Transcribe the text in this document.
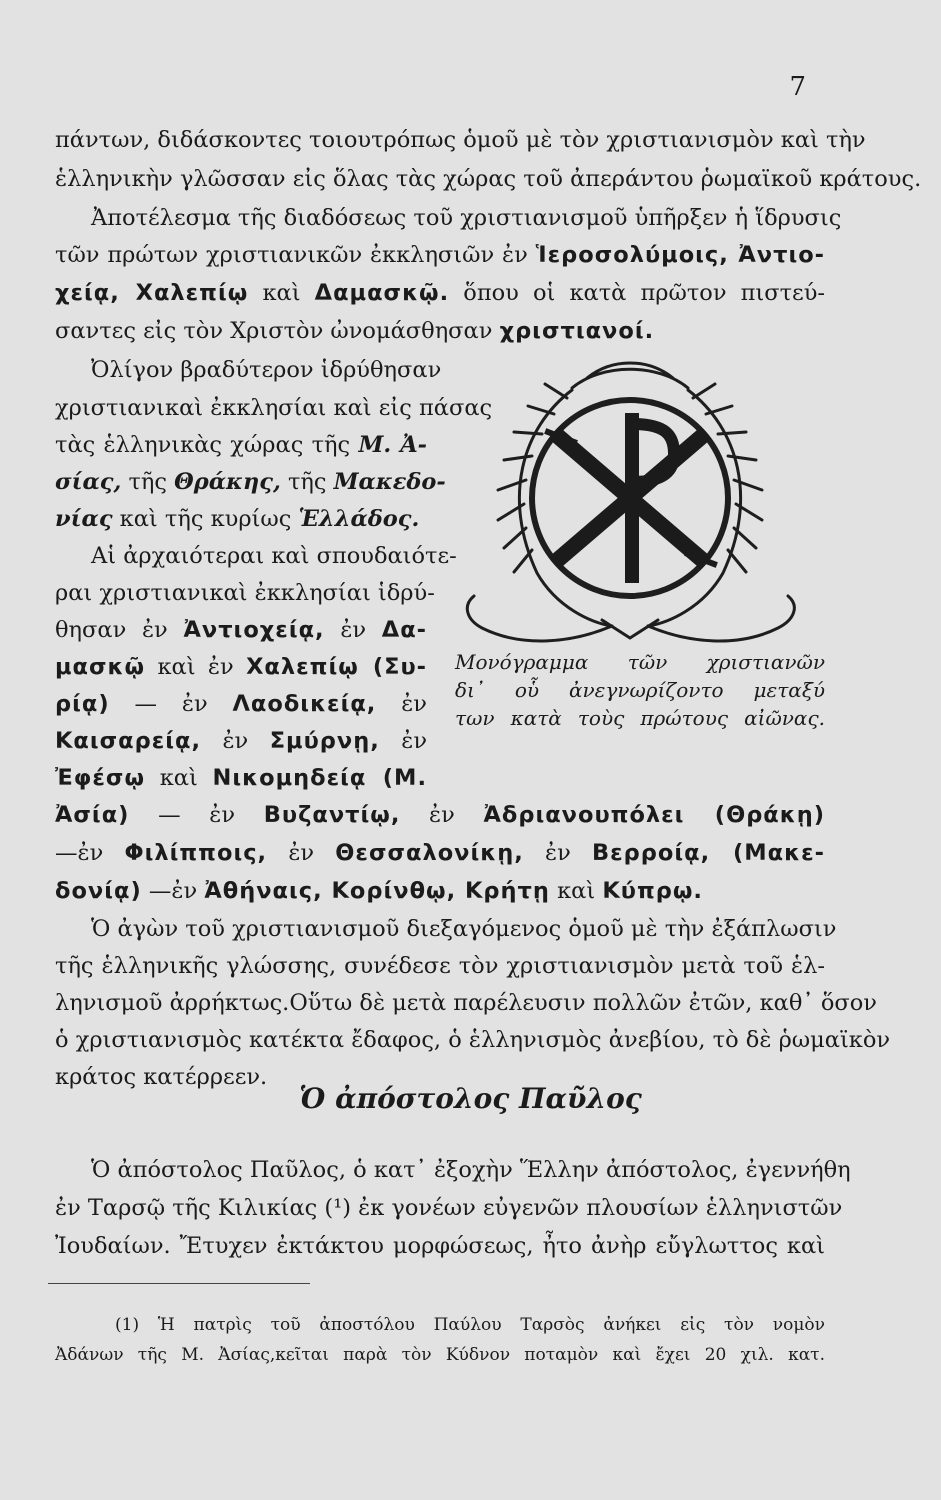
7
πάντων, διδάσκοντες τοιουτρόπως ὁμοῦ μὲ τὸν χριστιανισμὸν καὶ τὴν
ἑλληνικὴν γλῶσσαν εἰς ὅλας τὰς χώρας τοῦ ἀπεράντου ῥωμαϊκοῦ κράτους.
Ἀποτέλεσμα τῆς διαδόσεως τοῦ χριστιανισμοῦ ὑπῆρξεν ἡ ἵδρυσις
τῶν πρώτων χριστιανικῶν ἐκκλησιῶν ἐν Ἱεροσολύμοις, Ἀντιο-
χείᾳ, Χαλεπίῳ καὶ Δαμασκῷ. ὅπου οἱ κατὰ πρῶτον πιστεύ-
σαντες εἰς τὸν Χριστὸν ὠνομάσθησαν χριστιανοί.
Ὀλίγον βραδύτερον ἱδρύθησαν
χριστιανικαὶ ἐκκλησίαι καὶ εἰς πάσας
τὰς ἑλληνικὰς χώρας τῆς Μ. Ἀ-
σίας, τῆς Θράκης, τῆς Μακεδο-
νίας καὶ τῆς κυρίως Ἑλλάδος.
Αἱ ἀρχαιότεραι καὶ σπουδαιότε-
ραι χριστιανικαὶ ἐκκλησίαι ἱδρύ-
θησαν ἐν Ἀντιοχείᾳ, ἐν Δα-
μασκῷ καὶ ἐν Χαλεπίῳ (Συ-
ρίᾳ) — ἐν Λαοδικείᾳ, ἐν
Καισαρείᾳ, ἐν Σμύρνῃ, ἐν
Ἐφέσῳ καὶ Νικομηδείᾳ (Μ.
Μονόγραμμα τῶν χριστιανῶν
δι᾽ οὗ ἀνεγνωρίζοντο μεταξύ
των κατὰ τοὺς πρώτους αἰῶνας.
Ἀσία) — ἐν Βυζαντίῳ, ἐν Ἀδριανουπόλει (Θράκῃ)
—ἐν Φιλίπποις, ἐν Θεσσαλονίκῃ, ἐν Βερροίᾳ, (Μακε-
δονίᾳ) —ἐν Ἀθήναις, Κορίνθῳ, Κρήτῃ καὶ Κύπρῳ.
Ὁ ἀγὼν τοῦ χριστιανισμοῦ διεξαγόμενος ὁμοῦ μὲ τὴν ἐξάπλωσιν
τῆς ἑλληνικῆς γλώσσης, συνέδεσε τὸν χριστιανισμὸν μετὰ τοῦ ἑλ-
ληνισμοῦ ἀρρήκτως.Οὕτω δὲ μετὰ παρέλευσιν πολλῶν ἐτῶν, καθ᾽ ὅσον
ὁ χριστιανισμὸς κατέκτα ἔδαφος, ὁ ἑλληνισμὸς ἀνεβίου, τὸ δὲ ῥωμαϊκὸν
κράτος κατέρρεεν.
Ὁ ἀπόστολος Παῦλος
Ὁ ἀπόστολος Παῦλος, ὁ κατ᾽ ἐξοχὴν Ἕλλην ἀπόστολος, ἐγεννήθη
ἐν Ταρσῷ τῆς Κιλικίας (¹) ἐκ γονέων εὐγενῶν πλουσίων ἑλληνιστῶν
Ἰουδαίων. Ἔτυχεν ἐκτάκτου μορφώσεως, ἦτο ἀνὴρ εὔγλωττος καὶ
(1) Ἡ πατρὶς τοῦ ἀποστόλου Παύλου Ταρσὸς ἀνήκει εἰς τὸν νομὸν
Ἀδάνων τῆς Μ. Ἀσίας,κεῖται παρὰ τὸν Κύδνον ποταμὸν καὶ ἔχει 20 χιλ. κατ.
